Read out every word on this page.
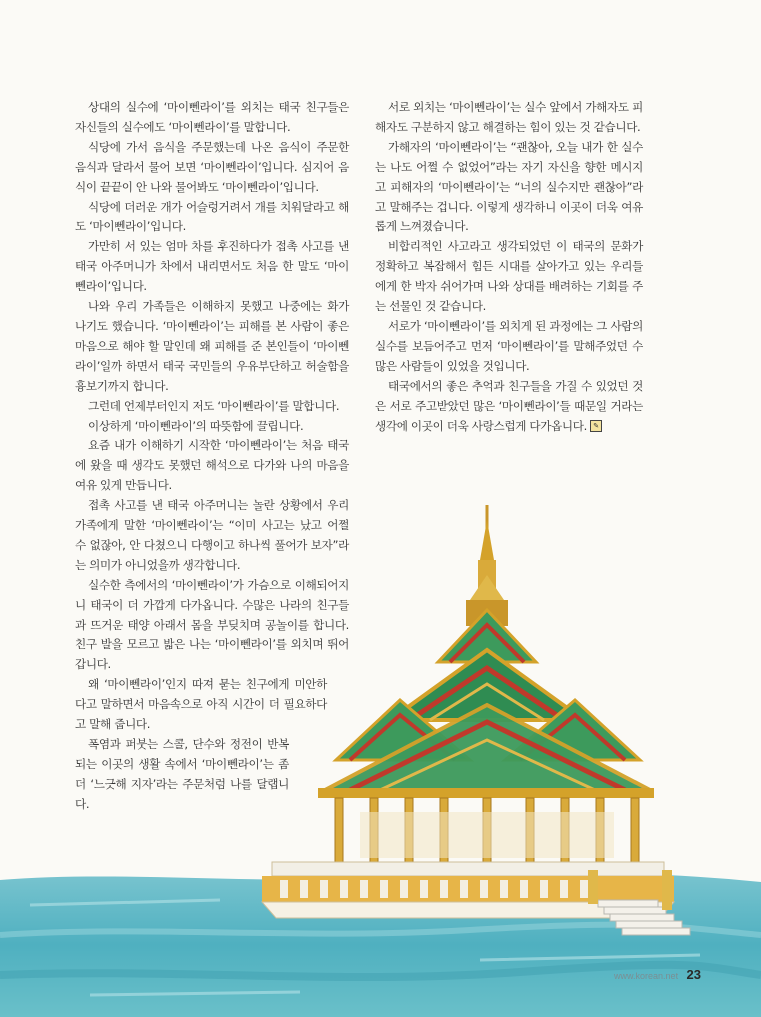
상대의 실수에 ‘마이뻰라이’를 외치는 태국 친구들은 자신들의 실수에도 ‘마이뻰라이’를 말합니다.

식당에 가서 음식을 주문했는데 나온 음식이 주문한 음식과 달라서 물어 보면 ‘마이뻰라이’입니다. 심지어 음식이 끝끝이 안 나와 물어봐도 ‘마이뻰라이’입니다.

식당에 더러운 개가 어슬렁거려서 개를 치워달라고 해도 ‘마이뻰라이’입니다.

가만히 서 있는 엄마 차를 후진하다가 접촉 사고를 낸 태국 아주머니가 차에서 내리면서도 처음 한 말도 ‘마이뻰라이’입니다.

나와 우리 가족들은 이해하지 못했고 나중에는 화가 나기도 했습니다. ‘마이뻰라이’는 피해를 본 사람이 좋은 마음으로 해야 할 말인데 왜 피해를 준 본인들이 ‘마이뻰라이’일까 하면서 태국 국민들의 우유부단하고 허술함을 흉보기까지 합니다.

그런데 언제부터인지 저도 ‘마이뻰라이’를 말합니다.

이상하게 ‘마이뻰라이’의 따뜻함에 끌립니다.

요즘 내가 이해하기 시작한 ‘마이뻰라이’는 처음 태국에 왔을 때 생각도 못했던 해석으로 다가와 나의 마음을 여유 있게 만듭니다.

접촉 사고를 낸 태국 아주머니는 놀란 상황에서 우리 가족에게 말한 ‘마이뻰라이’는 “이미 사고는 났고 어쩔 수 없잖아, 안 다쳤으니 다행이고 하나씩 풀어가 보자”라는 의미가 아니었을까 생각합니다.

실수한 측에서의 ‘마이뻰라이’가 가슴으로 이해되어지니 태국이 더 가깝게 다가옵니다. 수많은 나라의 친구들과 뜨거운 태양 아래서 몸을 부딪치며 공놀이를 합니다. 친구 발을 모르고 밟은 나는 ‘마이뻰라이’를 외치며 뛰어갑니다.

왜 ‘마이뻰라이’인지 따져 묻는 친구에게 미안하다고 말하면서 마음속으로 아직 시간이 더 필요하다고 말해 줍니다.

폭염과 퍼붓는 스콜, 단수와 정전이 반복되는 이곳의 생활 속에서 ‘마이뻰라이’는 좀 더 ‘느긋해 지자’라는 주문처럼 나를 달랩니다.

서로 외치는 ‘마이뻰라이’는 실수 앞에서 가해자도 피해자도 구분하지 않고 해결하는 힘이 있는 것 같습니다.

가해자의 ‘마이뻰라이’는 “괜찮아, 오늘 내가 한 실수는 나도 어쩔 수 없었어”라는 자기 자신을 향한 메시지고 피해자의 ‘마이뻰라이’는 “너의 실수지만 괜찮아”라고 말해주는 겁니다. 이렇게 생각하니 이곳이 더욱 여유롭게 느껴졌습니다.

비합리적인 사고라고 생각되었던 이 태국의 문화가 정확하고 복잡해서 힘든 시대를 살아가고 있는 우리들에게 한 박자 쉬어가며 나와 상대를 배려하는 기회를 주는 선물인 것 같습니다.

서로가 ‘마이뻰라이’를 외치게 된 과정에는 그 사람의 실수를 보듬어주고 먼저 ‘마이뻰라이’를 말해주었던 수 많은 사람들이 있었을 것입니다.

태국에서의 좋은 추억과 친구들을 가질 수 있었던 것은 서로 주고받았던 많은 ‘마이뻰라이’들 때문일 거라는 생각에 이곳이 더욱 사랑스럽게 다가옵니다. ✎

www.korean.net 23
